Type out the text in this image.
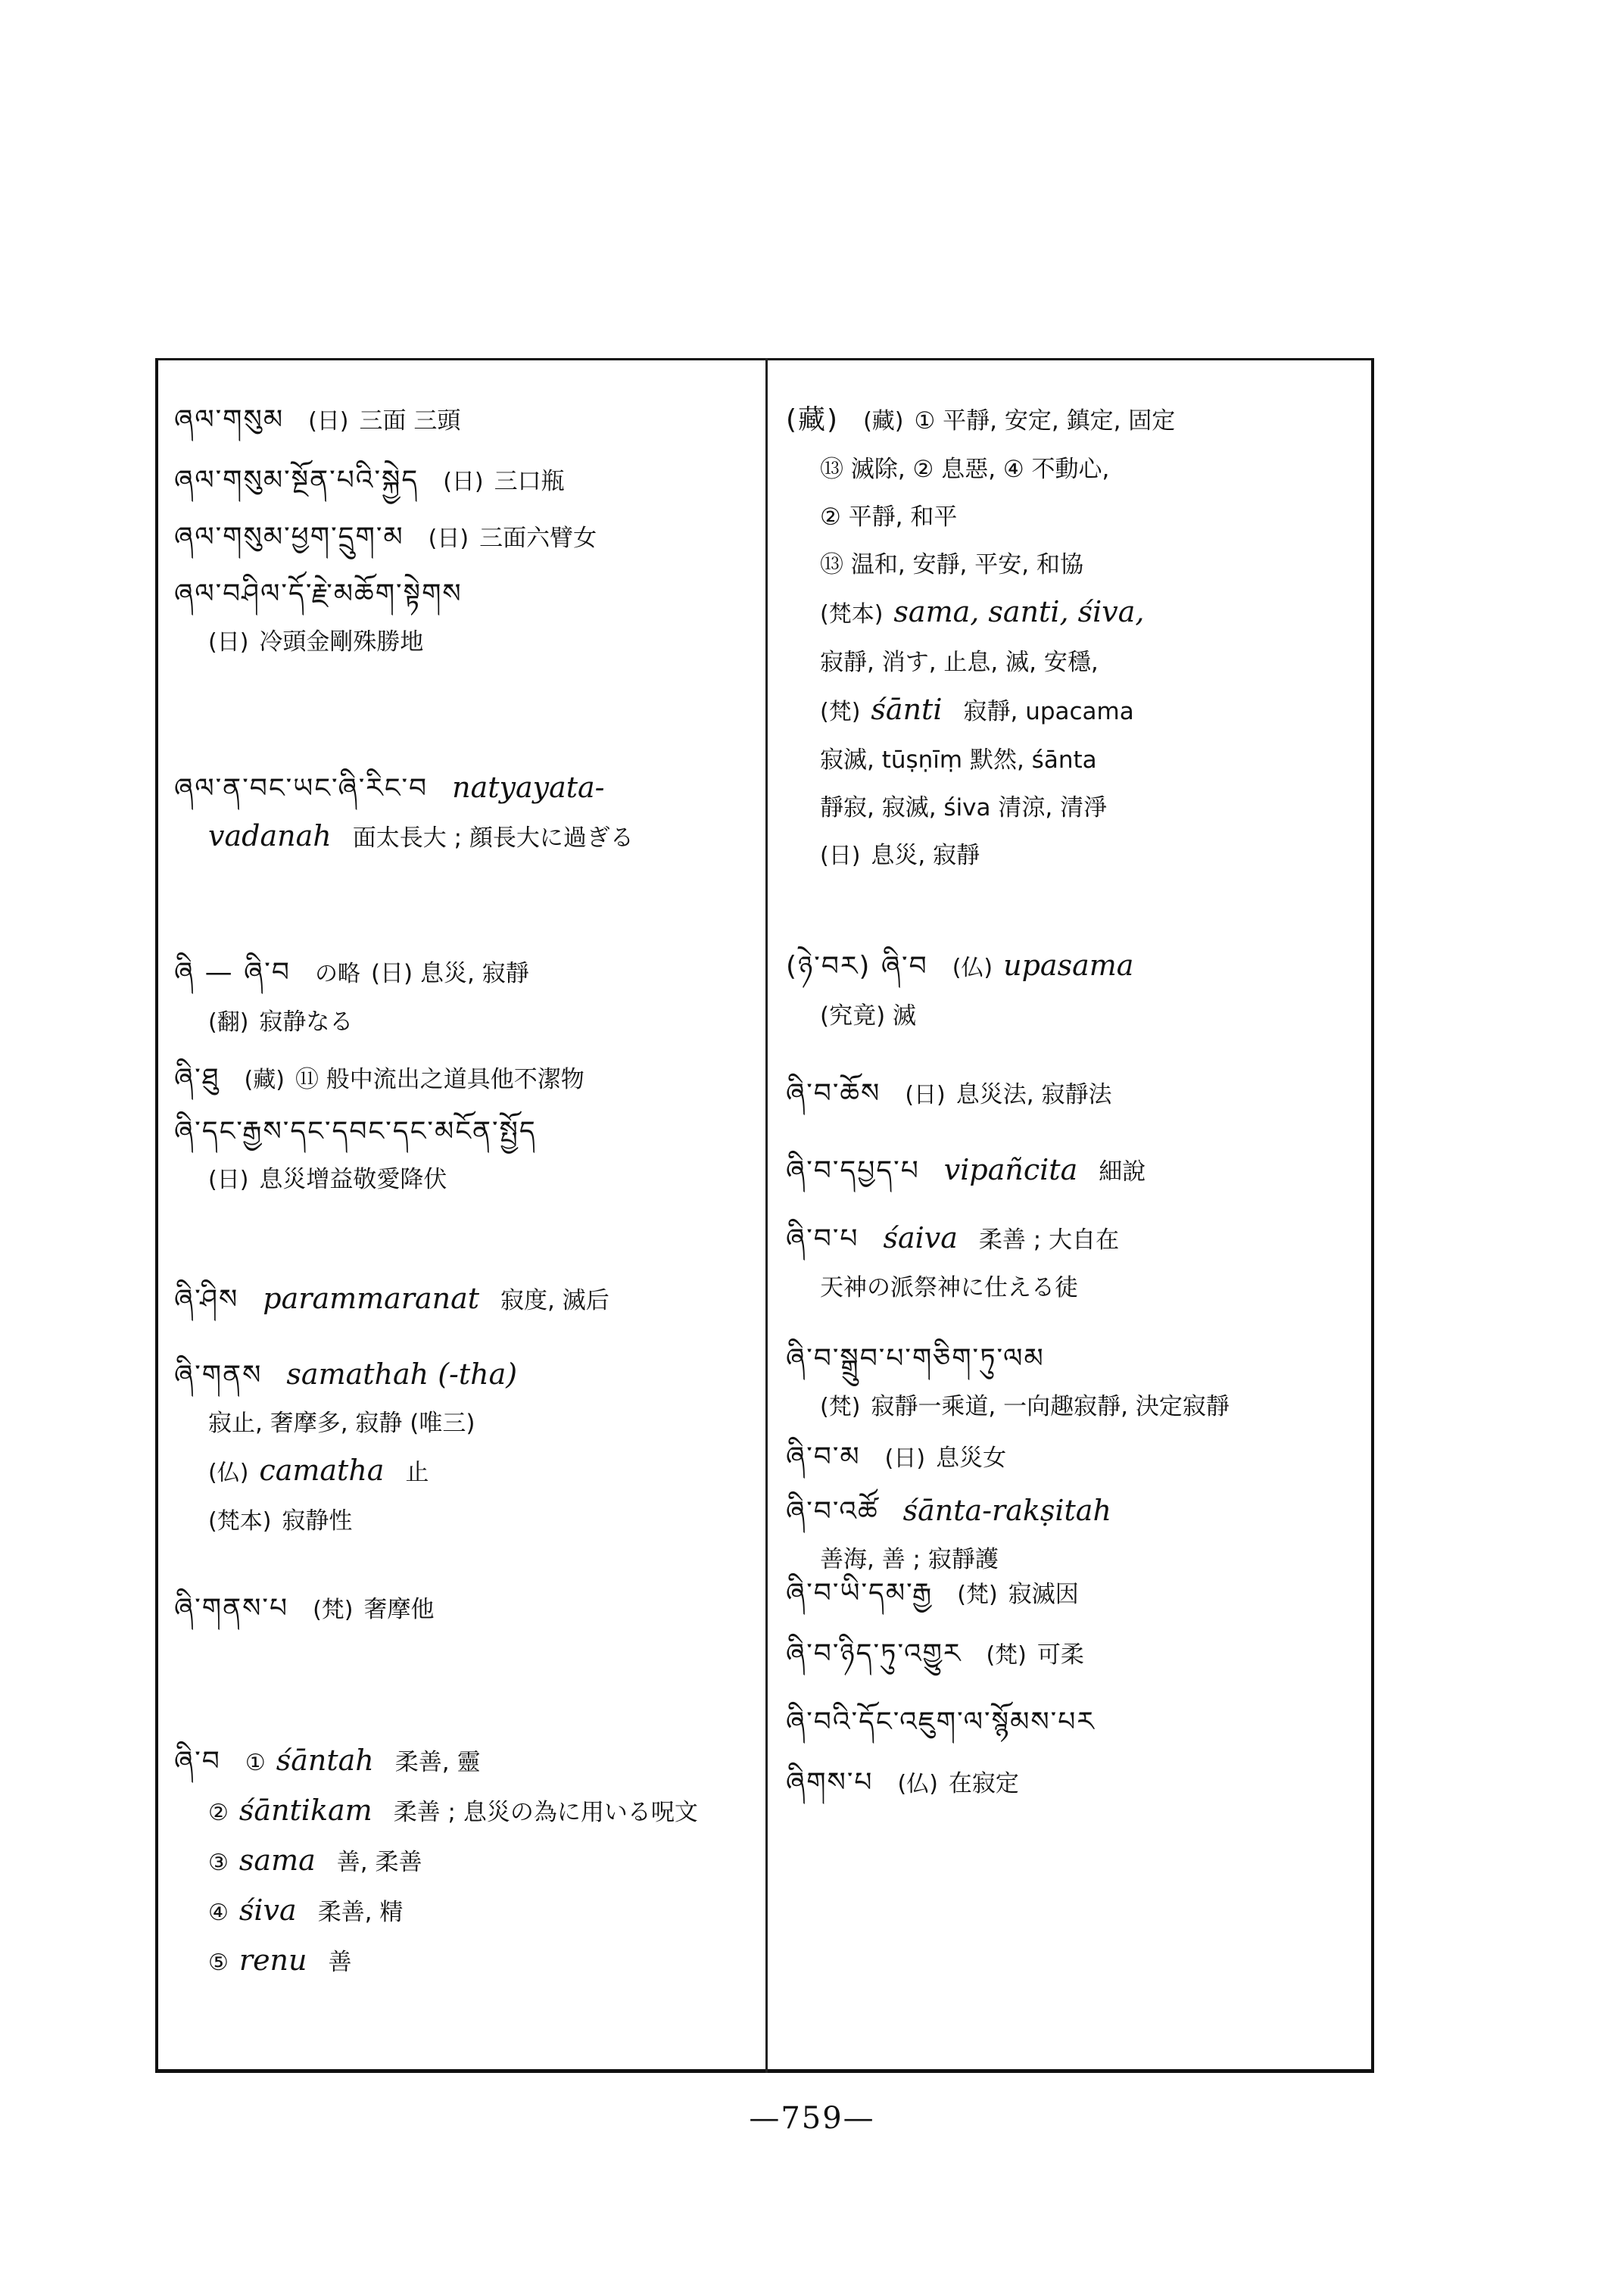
ཞལ་གསུམ (日) 三面 三頭
ཞལ་གསུམ་སྔོན་པའི་སྐྱེད (日) 三口瓶
ཞལ་གསུམ་ཕྱག་དྲུག་མ (日) 三面六臂女
ཞལ་བཤིལ་དོ་རྗེ་མཆོག་སྟེགས
(日) 冷頭金剛殊勝地
ཞལ་ན་བང་ཡང་ཞི་རིང་བ natyayata-
vadanah 面太長大 ; 顔長大に過ぎる
ཞི — ཞི་བ の略 (日) 息災, 寂靜
(翻) 寂静なる
ཞི་ཐུ (藏) ⑪ 般中流出之道具他不潔物
ཞི་དང་རྒྱས་དང་དབང་དང་མངོན་སྤྱོད
(日) 息災增益敬愛降伏
ཞི་ཤིས parammaranat 寂度, 滅后
ཞི་གནས samathah (-tha)
寂止, 奢摩多, 寂静 (唯三)
(仏) camatha 止
(梵本) 寂静性
ཞི་གནས་པ (梵) 奢摩他
ཞི་བ ① śāntah 柔善, 靈
② śāntikam 柔善 ; 息災の為に用いる呪文
③ sama 善, 柔善
④ śiva 柔善, 精
⑤ renu 善
(藏) (藏) ① 平靜, 安定, 鎮定, 固定
⑬ 滅除, ② 息惡, ④ 不動心,
② 平靜, 和平
⑬ 温和, 安靜, 平安, 和協
(梵本) sama, santi, śiva,
寂靜, 消す, 止息, 滅, 安穩,
(梵) śānti 寂靜, upacama
寂滅, tūṣṇīṃ 默然, śānta
靜寂, 寂滅, śiva 清涼, 清淨
(日) 息災, 寂靜
(ཉེ་བར) ཞི་བ (仏) upasama
(究竟) 滅
ཞི་བ་ཆོས (日) 息災法, 寂靜法
ཞི་བ་དཔྱད་པ vipañcita 細說
ཞི་བ་པ śaiva 柔善 ; 大自在
天神の派祭神に仕える徒
ཞི་བ་སྒྲུབ་པ་གཅིག་ཏུ་ལམ
(梵) 寂靜一乘道, 一向趣寂靜, 決定寂靜
ཞི་བ་མ (日) 息災女
ཞི་བ་འཚོ śānta-rakṣitah
善海, 善 ; 寂靜護
ཞི་བ་ཡི་དམ་རྒྱ (梵) 寂滅因
ཞི་བ་ཉིད་ཏུ་འགྱུར (梵) 可柔
ཞི་བའི་དོང་འཇུག་ལ་སྙོམས་པར
ཞིགས་པ (仏) 在寂定
—759—
